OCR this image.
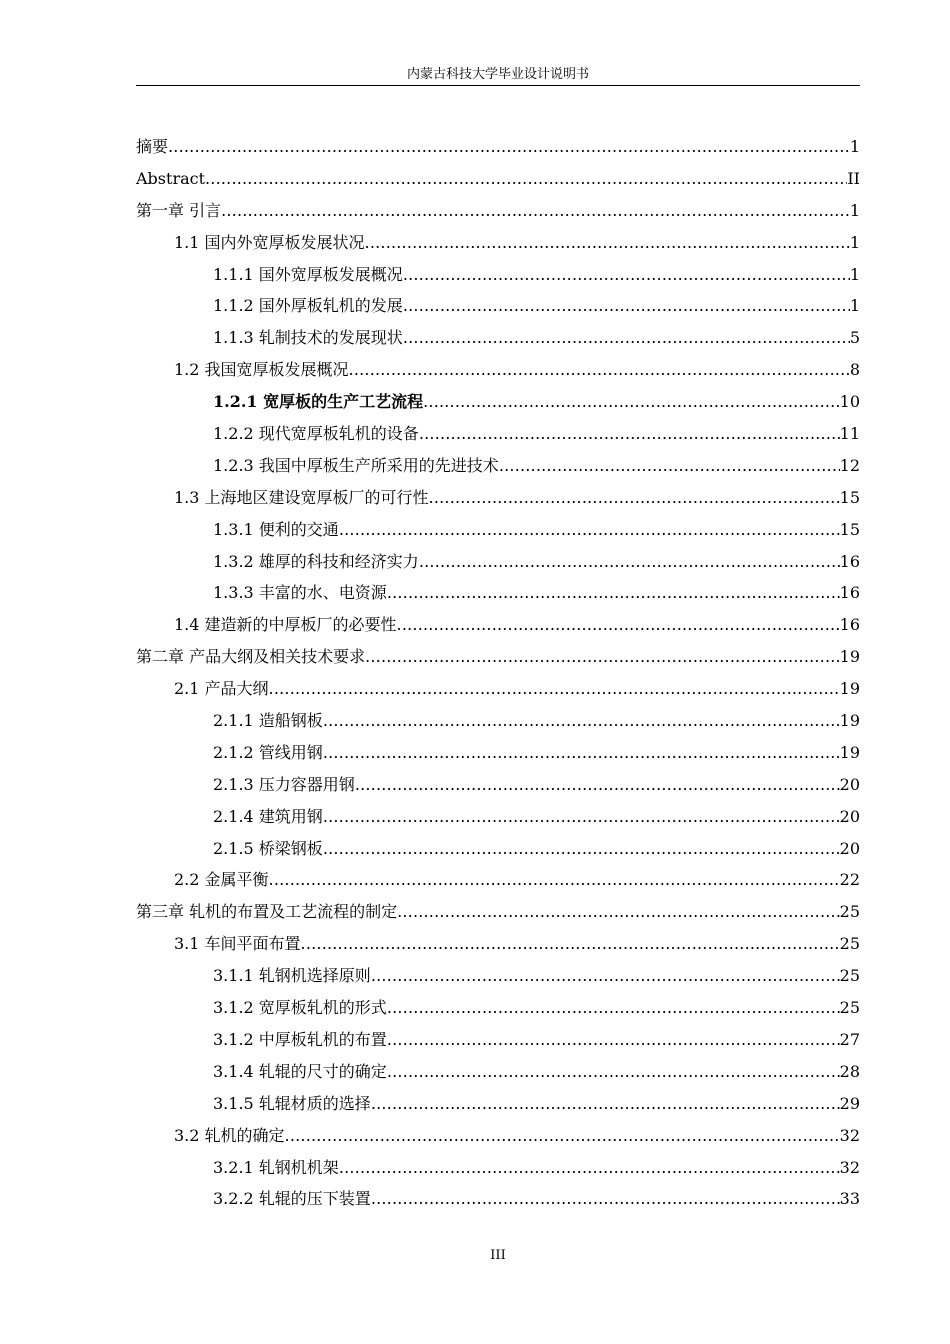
内蒙古科技大学毕业设计说明书
摘要 .....	1
Abstract .....	II
第一章 引言 .....	1
1.1 国内外宽厚板发展状况 .....	1
1.1.1 国外宽厚板发展概况 .....	1
1.1.2 国外厚板轧机的发展 .....	1
1.1.3 轧制技术的发展现状 .....	5
1.2 我国宽厚板发展概况 .....	8
1.2.1 宽厚板的生产工艺流程 .....	10
1.2.2 现代宽厚板轧机的设备 .....	11
1.2.3 我国中厚板生产所采用的先进技术 .....	12
1.3 上海地区建设宽厚板厂的可行性 .....	15
1.3.1 便利的交通 .....	15
1.3.2 雄厚的科技和经济实力 .....	16
1.3.3 丰富的水、电资源 .....	16
1.4 建造新的中厚板厂的必要性 .....	16
第二章 产品大纲及相关技术要求 .....	19
2.1 产品大纲 .....	19
2.1.1 造船钢板 .....	19
2.1.2 管线用钢 .....	19
2.1.3 压力容器用钢 .....	20
2.1.4 建筑用钢 .....	20
2.1.5 桥梁钢板 .....	20
2.2 金属平衡 .....	22
第三章 轧机的布置及工艺流程的制定 .....	25
3.1 车间平面布置 .....	25
3.1.1 轧钢机选择原则 .....	25
3.1.2 宽厚板轧机的形式 .....	25
3.1.2 中厚板轧机的布置 .....	27
3.1.4 轧辊的尺寸的确定 .....	28
3.1.5 轧辊材质的选择 .....	29
3.2 轧机的确定 .....	32
3.2.1 轧钢机机架 .....	32
3.2.2 轧辊的压下装置 .....	33
III
